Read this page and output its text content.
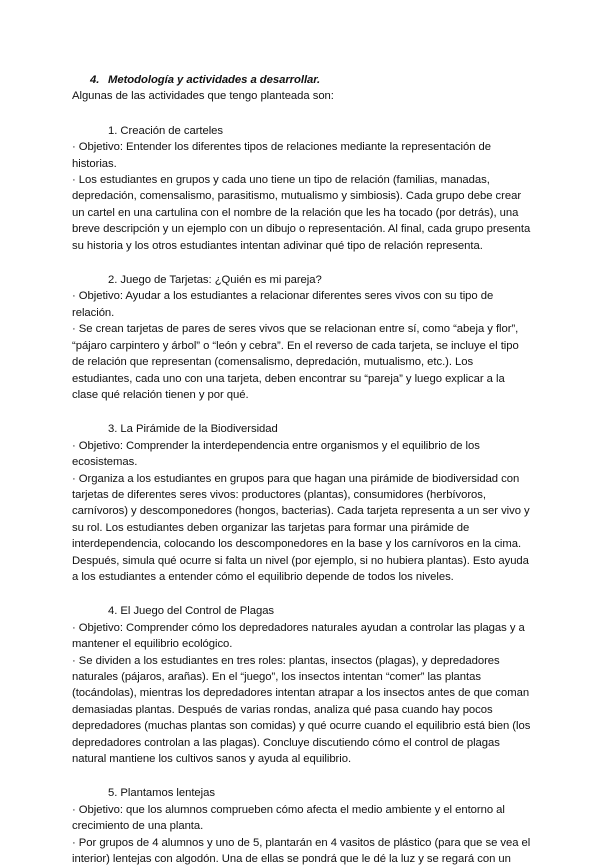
4. Metodología y actividades a desarrollar.

Algunas de las actividades que tengo planteada son:

1. Creación de carteles

· Objetivo: Entender los diferentes tipos de relaciones mediante la representación de historias.

· Los estudiantes en grupos y cada uno tiene un tipo de relación (familias, manadas, depredación, comensalismo, parasitismo, mutualismo y simbiosis). Cada grupo debe crear un cartel en una cartulina con el nombre de la relación que les ha tocado (por detrás), una breve descripción y un ejemplo con un dibujo o representación. Al final, cada grupo presenta su historia y los otros estudiantes intentan adivinar qué tipo de relación representa.

2. Juego de Tarjetas: ¿Quién es mi pareja?

· Objetivo: Ayudar a los estudiantes a relacionar diferentes seres vivos con su tipo de relación.

· Se crean tarjetas de pares de seres vivos que se relacionan entre sí, como “abeja y flor”, “pájaro carpintero y árbol” o “león y cebra”. En el reverso de cada tarjeta, se incluye el tipo de relación que representan (comensalismo, depredación, mutualismo, etc.). Los estudiantes, cada uno con una tarjeta, deben encontrar su “pareja” y luego explicar a la clase qué relación tienen y por qué.

3. La Pirámide de la Biodiversidad

· Objetivo: Comprender la interdependencia entre organismos y el equilibrio de los ecosistemas.

· Organiza a los estudiantes en grupos para que hagan una pirámide de biodiversidad con tarjetas de diferentes seres vivos: productores (plantas), consumidores (herbívoros, carnívoros) y descomponedores (hongos, bacterias). Cada tarjeta representa a un ser vivo y su rol. Los estudiantes deben organizar las tarjetas para formar una pirámide de interdependencia, colocando los descomponedores en la base y los carnívoros en la cima. Después, simula qué ocurre si falta un nivel (por ejemplo, si no hubiera plantas). Esto ayuda a los estudiantes a entender cómo el equilibrio depende de todos los niveles.

4. El Juego del Control de Plagas

· Objetivo: Comprender cómo los depredadores naturales ayudan a controlar las plagas y a mantener el equilibrio ecológico.

· Se dividen a los estudiantes en tres roles: plantas, insectos (plagas), y depredadores naturales (pájaros, arañas). En el “juego”, los insectos intentan “comer” las plantas (tocándolas), mientras los depredadores intentan atrapar a los insectos antes de que coman demasiadas plantas. Después de varias rondas, analiza qué pasa cuando hay pocos depredadores (muchas plantas son comidas) y qué ocurre cuando el equilibrio está bien (los depredadores controlan a las plagas). Concluye discutiendo cómo el control de plagas natural mantiene los cultivos sanos y ayuda al equilibrio.

5. Plantamos lentejas

· Objetivo: que los alumnos comprueben cómo afecta el medio ambiente y el entorno al crecimiento de una planta.

· Por grupos de 4 alumnos y uno de 5, plantarán en 4 vasitos de plástico (para que se vea el interior) lentejas con algodón. Una de ellas se pondrá que le dé la luz y se regará con un
